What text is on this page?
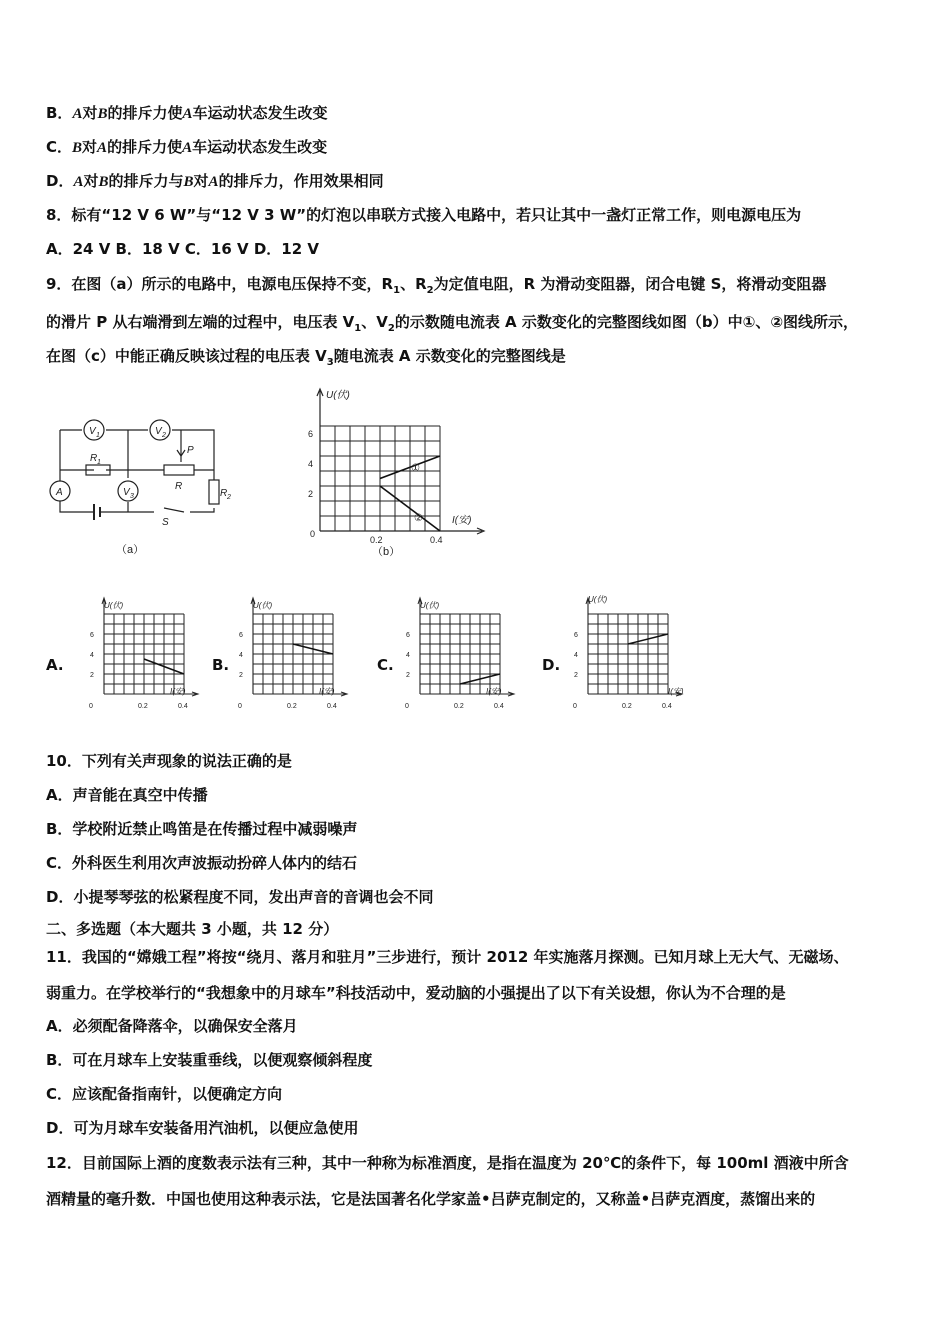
B．A对B的排斥力使A车运动状态发生改变
C．B对A的排斥力使A车运动状态发生改变
D．A对B的排斥力与B对A的排斥力，作用效果相同
8．标有“12 V 6 W”与“12 V 3 W”的灯泡以串联方式接入电路中，若只让其中一盏灯正常工作，则电源电压为
A．24 V B．18 V C．16 V D．12 V
9．在图（a）所示的电路中，电源电压保持不变，$R_1$、$R_2$为定值电阻，R 为滑动变阻器，闭合电键 S，将滑动变阻器
的滑片 P 从右端滑到左端的过程中，电压表 $V_1$、$V_2$的示数随电流表 A 示数变化的完整图线如图（b）中①、②图线所示，
在图（c）中能正确反映该过程的电压表 $V_3$随电流表 A 示数变化的完整图线是
V 1	V 2
V 3
A
R 1
R
P
R 2
S
（a）
U(伏)
I(安)
6
4
2
0.2	0.4
0
①
②
（b）
A.	B.	C.	D.
U(伏)
I(安)
6
4
2
0.2	0.4
0
U(伏)
I(安)
6
4
2
0.2	0.4
0
U(伏)
I(安)
6
4
2
0.2	0.4
0
U(伏)
I(安)
6
4
2
0.2	0.4
0
10．下列有关声现象的说法正确的是
A．声音能在真空中传播
B．学校附近禁止鸣笛是在传播过程中减弱噪声
C．外科医生利用次声波振动扮碎人体内的结石
D．小提琴琴弦的松紧程度不同，发出声音的音调也会不同
二、多选题（本大题共 3 小题，共 12 分）
11．我国的“嫦娥工程”将按“绕月、落月和驻月”三步进行，预计 2012 年实施落月探测。已知月球上无大气、无磁场、
弱重力。在学校举行的“我想象中的月球车”科技活动中，爱动脑的小强提出了以下有关设想，你认为不合理的是
A．必须配备降落伞，以确保安全落月
B．可在月球车上安装重垂线，以便观察倾斜程度
C．应该配备指南针，以便确定方向
D．可为月球车安装备用汽油机，以便应急使用
12．目前国际上酒的度数表示法有三种，其中一种称为标准酒度，是指在温度为 20℃的条件下，每 100ml 酒液中所含
酒精量的毫升数．中国也使用这种表示法，它是法国著名化学家盖•吕萨克制定的，又称盖•吕萨克酒度，蒸馏出来的
